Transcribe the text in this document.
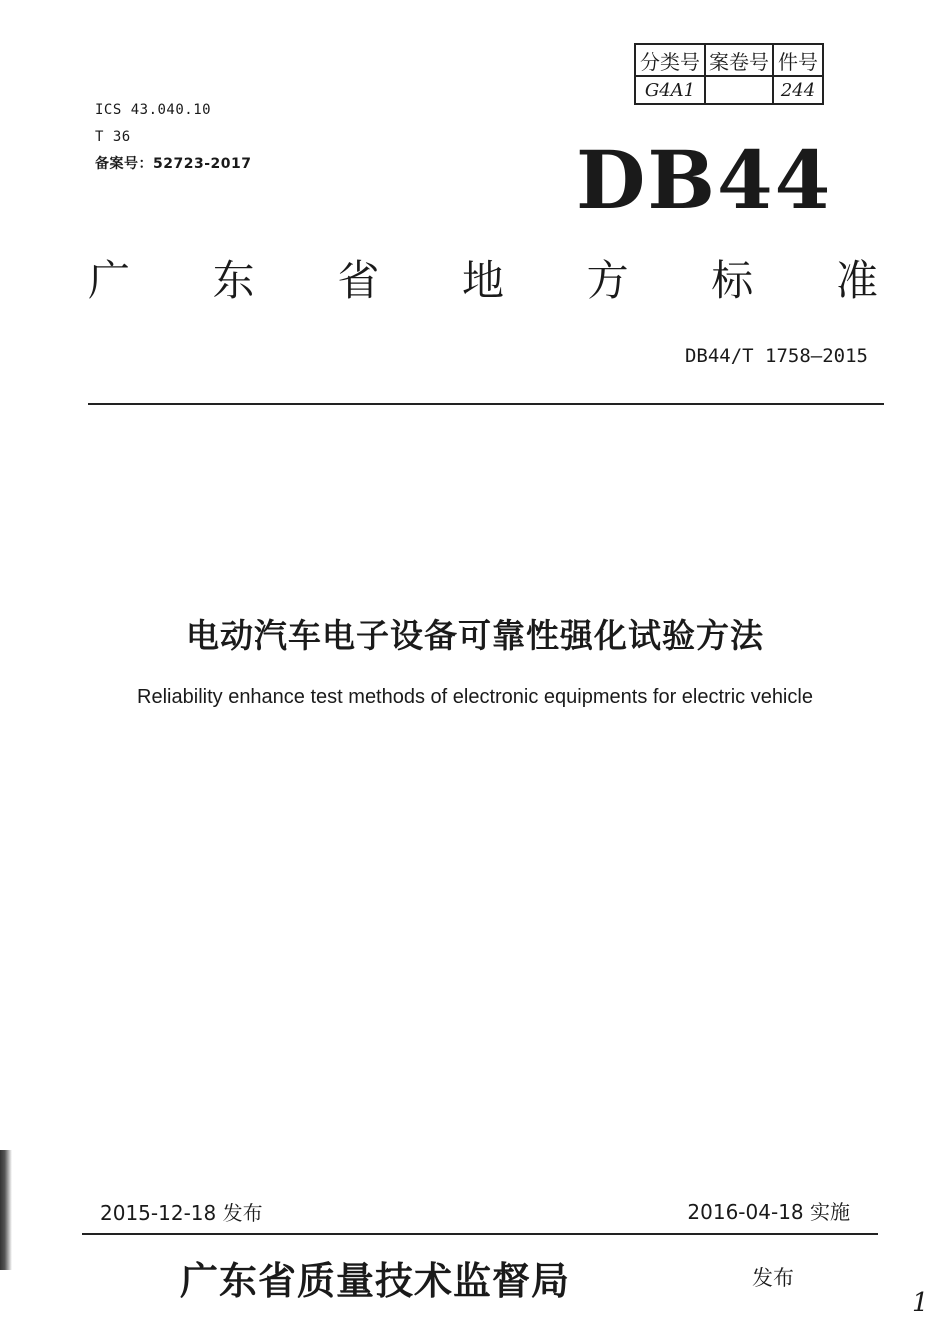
ICS 43.040.10
T 36
备案号：52723-2017
分类号	案卷号	件号
G4A1		244
DB44
广 东 省 地 方 标 准
DB44/T 1758—2015
电动汽车电子设备可靠性强化试验方法
Reliability enhance test methods of electronic equipments for electric vehicle
2015-12-18 发布	2016-04-18 实施
广东省质量技术监督局	发布
1
